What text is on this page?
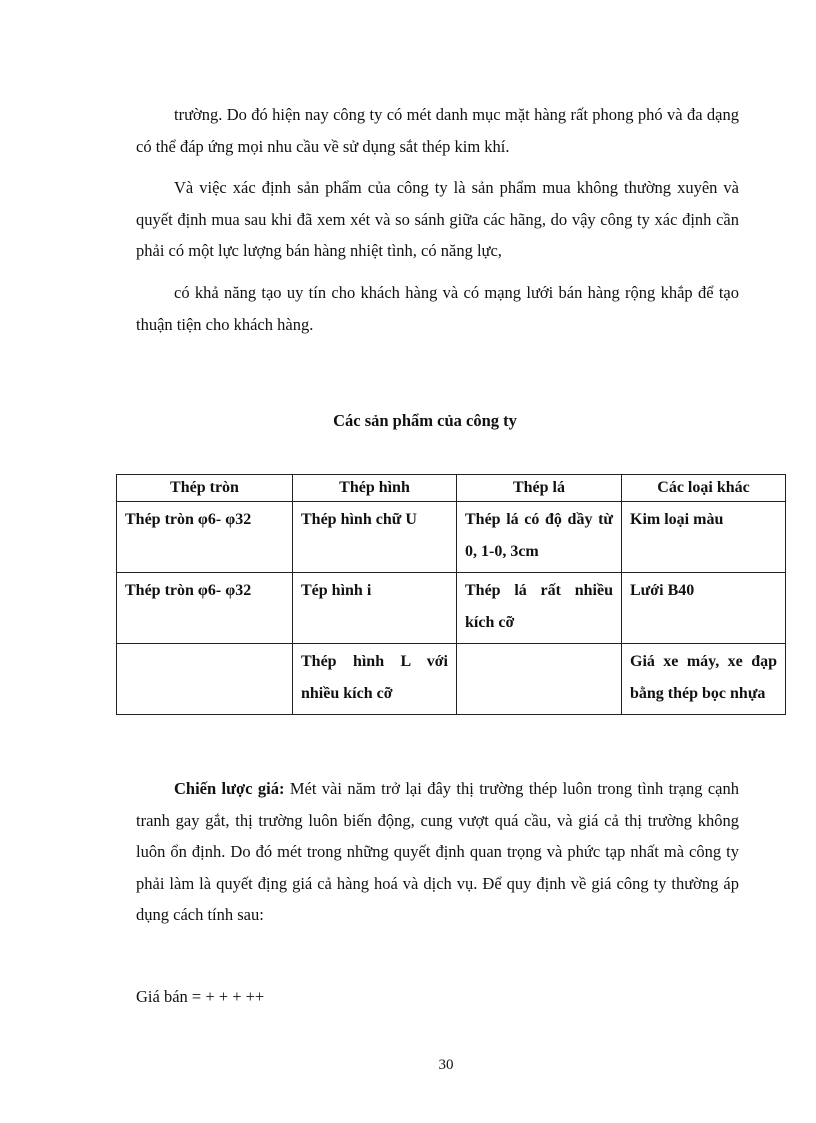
trường. Do đó hiện nay công ty có mét danh mục mặt hàng rất phong phó và đa dạng có thể đáp ứng mọi nhu cầu về sử dụng sắt thép kim khí.

Và việc xác định sản phẩm của công ty là sản phẩm mua không thường xuyên và quyết định mua sau khi đã xem xét và so sánh giữa các hãng, do vậy công ty xác định cần phải có một lực lượng bán hàng nhiệt tình, có năng lực,

có khả năng tạo uy tín cho khách hàng và có mạng lưới bán hàng rộng khắp để tạo thuận tiện cho khách hàng.

Các sản phẩm của công ty

Thép tròn	Thép hình	Thép lá	Các loại khác
Thép tròn φ6- φ32	Thép hình chữ U	Thép lá có độ dầy từ 0, 1-0, 3cm	Kim loại màu
Thép tròn φ6- φ32	Tép hình i	Thép lá rất nhiều kích cỡ	Lưới B40
	Thép hình L với nhiều kích cỡ		Giá xe máy, xe đạp bằng thép bọc nhựa

Chiến lược giá: Mét vài năm trở lại đây thị trường thép luôn trong tình trạng cạnh tranh gay gắt, thị trường luôn biến động, cung vượt quá cầu, và giá cả thị trường không luôn ổn định. Do đó mét trong những quyết định quan trọng và phức tạp nhất mà công ty phải làm là quyết địng giá cả hàng hoá và dịch vụ. Để quy định về giá công ty thường áp dụng cách tính sau:

Giá bán = + + + ++

30
